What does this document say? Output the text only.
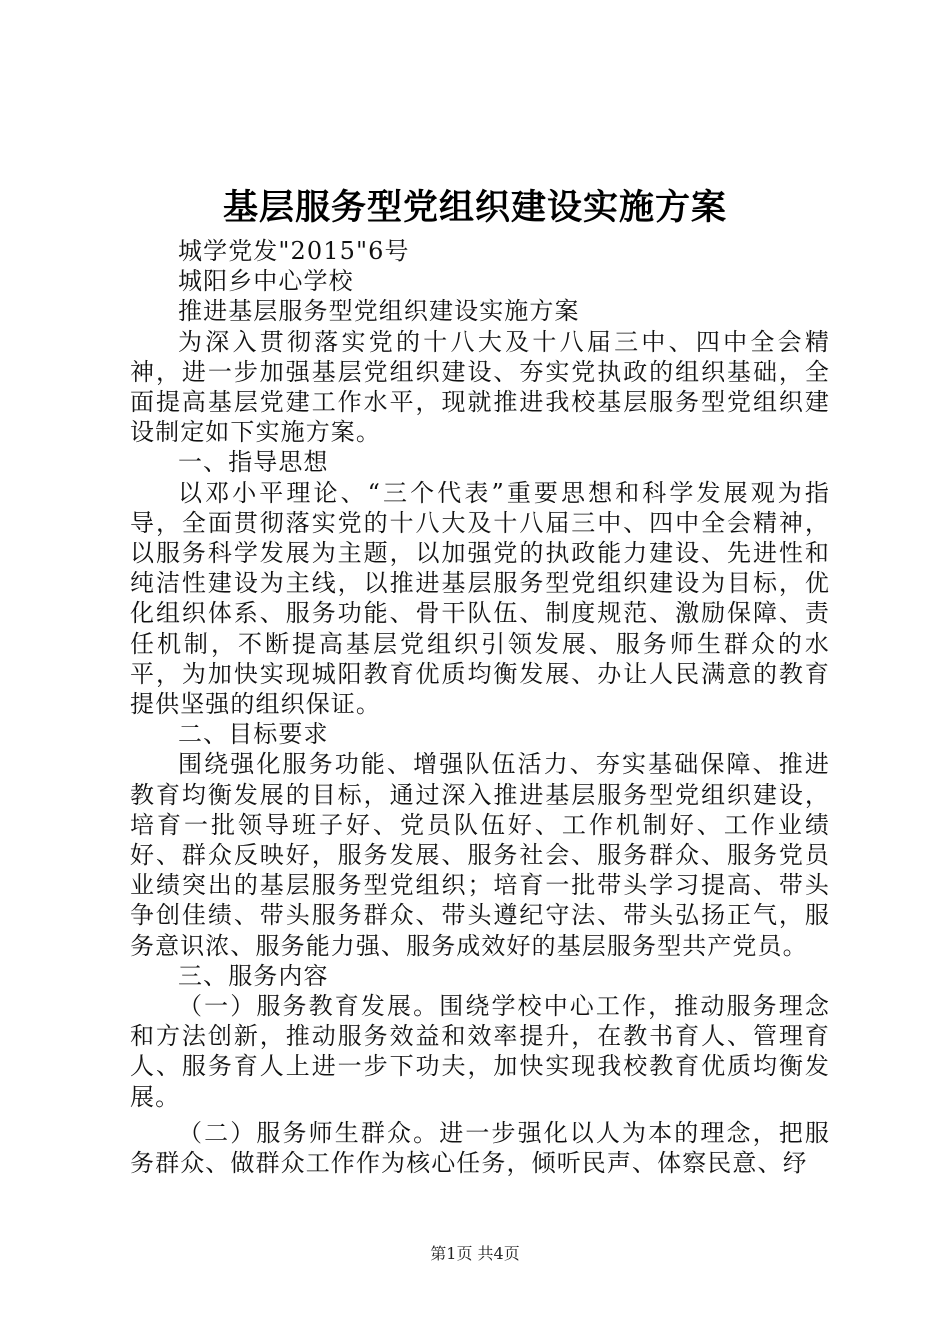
基层服务型党组织建设实施方案

城学党发"2015"6号

城阳乡中心学校

推进基层服务型党组织建设实施方案

为深入贯彻落实党的十八大及十八届三中、四中全会精神，进一步加强基层党组织建设、夯实党执政的组织基础，全面提高基层党建工作水平，现就推进我校基层服务型党组织建设制定如下实施方案。

一、指导思想

以邓小平理论、“三个代表”重要思想和科学发展观为指导，全面贯彻落实党的十八大及十八届三中、四中全会精神，以服务科学发展为主题，以加强党的执政能力建设、先进性和纯洁性建设为主线，以推进基层服务型党组织建设为目标，优化组织体系、服务功能、骨干队伍、制度规范、激励保障、责任机制，不断提高基层党组织引领发展、服务师生群众的水平，为加快实现城阳教育优质均衡发展、办让人民满意的教育提供坚强的组织保证。

二、目标要求

围绕强化服务功能、增强队伍活力、夯实基础保障、推进教育均衡发展的目标，通过深入推进基层服务型党组织建设，培育一批领导班子好、党员队伍好、工作机制好、工作业绩好、群众反映好，服务发展、服务社会、服务群众、服务党员业绩突出的基层服务型党组织；培育一批带头学习提高、带头争创佳绩、带头服务群众、带头遵纪守法、带头弘扬正气，服务意识浓、服务能力强、服务成效好的基层服务型共产党员。

三、服务内容

（一）服务教育发展。围绕学校中心工作，推动服务理念和方法创新，推动服务效益和效率提升，在教书育人、管理育人、服务育人上进一步下功夫，加快实现我校教育优质均衡发展。

（二）服务师生群众。进一步强化以人为本的理念，把服务群众、做群众工作作为核心任务，倾听民声、体察民意、纾

第1页 共4页
